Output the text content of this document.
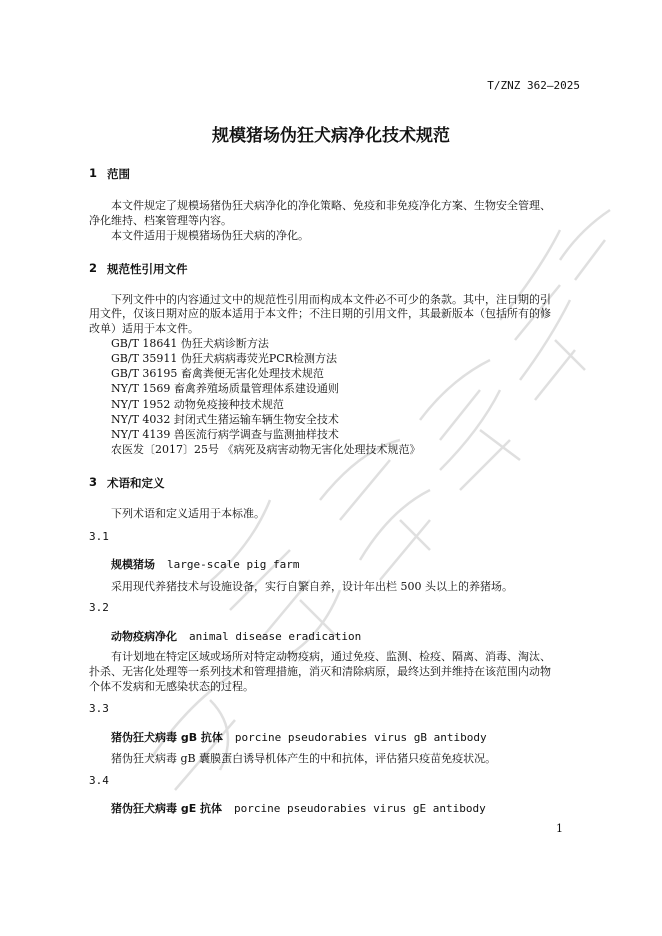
T/ZNZ 362—2025
规模猪场伪狂犬病净化技术规范
1 范围
本文件规定了规模场猪伪狂犬病净化的净化策略、免疫和非免疫净化方案、生物安全管理、
净化维持、档案管理等内容。
本文件适用于规模猪场伪狂犬病的净化。
2 规范性引用文件
下列文件中的内容通过文中的规范性引用而构成本文件必不可少的条款。其中，注日期的引
用文件，仅该日期对应的版本适用于本文件；不注日期的引用文件，其最新版本（包括所有的修
改单）适用于本文件。
GB/T 18641 伪狂犬病诊断方法
GB/T 35911 伪狂犬病病毒荧光PCR检测方法
GB/T 36195 畜禽粪便无害化处理技术规范
NY/T 1569 畜禽养殖场质量管理体系建设通则
NY/T 1952 动物免疫接种技术规范
NY/T 4032 封闭式生猪运输车辆生物安全技术
NY/T 4139 兽医流行病学调查与监测抽样技术
农医发〔2017〕25号 《病死及病害动物无害化处理技术规范》
3 术语和定义
下列术语和定义适用于本标准。
3.1
规模猪场 large-scale pig farm
采用现代养猪技术与设施设备，实行自繁自养，设计年出栏 500 头以上的养猪场。
3.2
动物疫病净化 animal disease eradication
有计划地在特定区域或场所对特定动物疫病，通过免疫、监测、检疫、隔离、消毒、淘汰、
扑杀、无害化处理等一系列技术和管理措施，消灭和清除病原，最终达到并维持在该范围内动物
个体不发病和无感染状态的过程。
3.3
猪伪狂犬病毒 gB 抗体 porcine pseudorabies virus gB antibody
猪伪狂犬病毒 gB 囊膜蛋白诱导机体产生的中和抗体，评估猪只疫苗免疫状况。
3.4
猪伪狂犬病毒 gE 抗体 porcine pseudorabies virus gE antibody
1
